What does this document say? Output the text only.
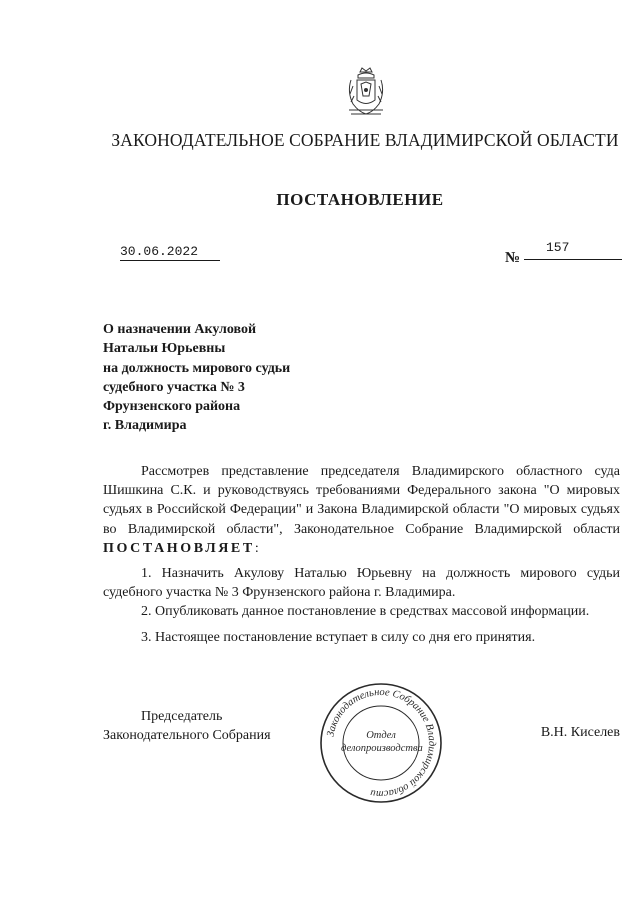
ЗАКОНОДАТЕЛЬНОЕ СОБРАНИЕ ВЛАДИМИРСКОЙ ОБЛАСТИ
ПОСТАНОВЛЕНИЕ
30.06.2022	№
157
О назначении Акуловой
Натальи Юрьевны
на должность мирового судьи
судебного участка № 3
Фрунзенского района
г. Владимира

Рассмотрев представление председателя Владимирского областного суда Шишкина С.К. и руководствуясь требованиями Федерального закона "О мировых судьях в Российской Федерации" и Закона Владимирской области "О мировых судьях во Владимирской области", Законодательное Собрание Владимирской области ПОСТАНОВЛЯЕТ:

1. Назначить Акулову Наталью Юрьевну на должность мирового судьи судебного участка № 3 Фрунзенского района г. Владимира.

2. Опубликовать данное постановление в средствах массовой информации.

3. Настоящее постановление вступает в силу со дня его принятия.

Председатель
Законодательного Собрания	Законодательное Собрание Владимирской области
Отдел
делопроизводства
В.Н. Киселев
